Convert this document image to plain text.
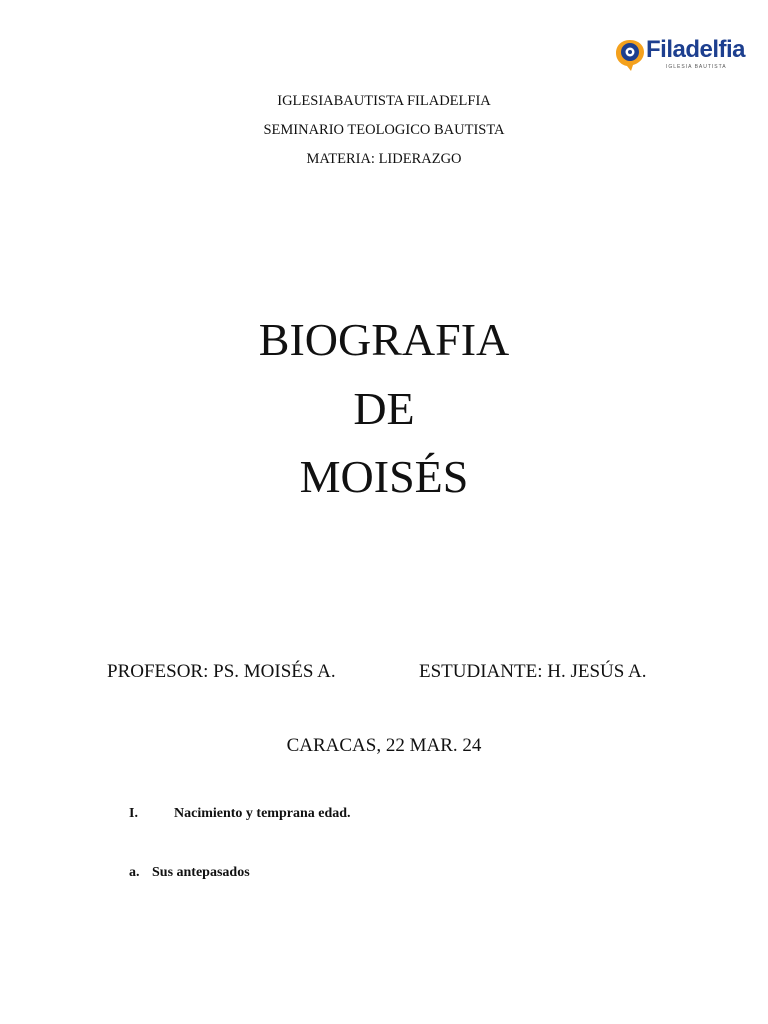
Filadelfia
IGLESIA BAUTISTA
IGLESIABAUTISTA FILADELFIA
SEMINARIO TEOLOGICO BAUTISTA
MATERIA: LIDERAZGO
BIOGRAFIA
DE
MOISÉS
PROFESOR: PS. MOISÉS A.	ESTUDIANTE: H. JESÚS A.
CARACAS, 22 MAR. 24
I.	Nacimiento y temprana edad.
a. Sus antepasados
